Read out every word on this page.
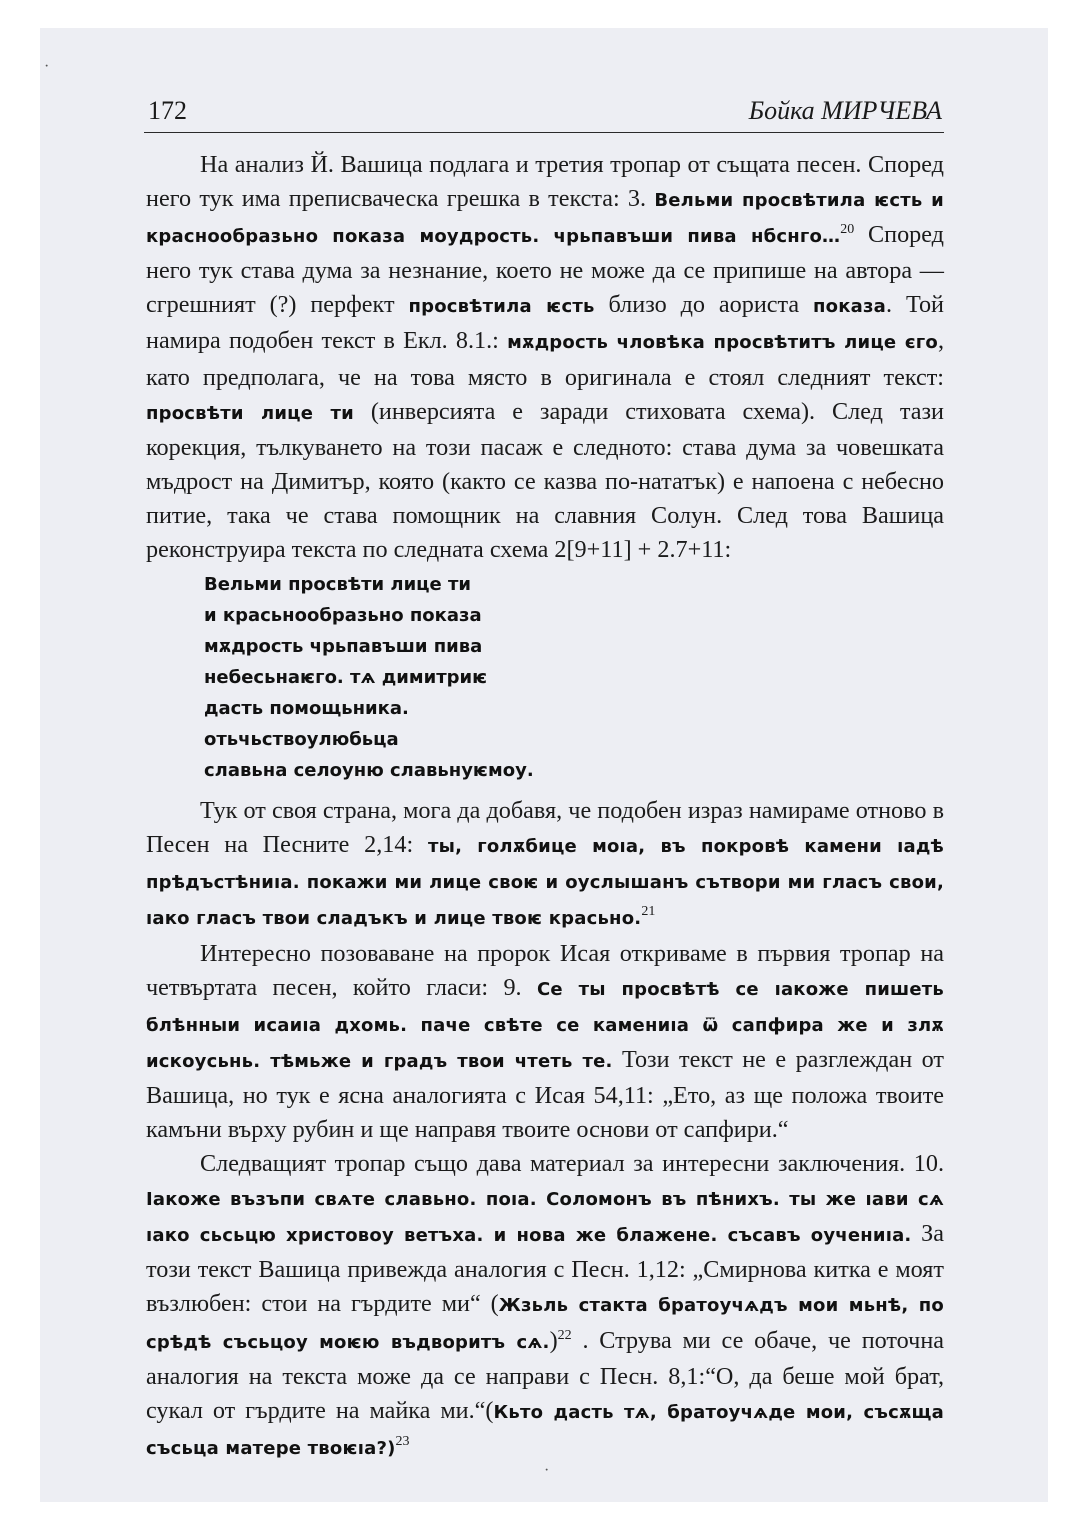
172	Бойка МИРЧЕВА

На анализ Й. Вашица подлага и третия тропар от същата песен. Според него тук има преписваческа грешка в текста: 3. Вельми просвѣтила ѥсть и краснообразьно показа моудрость. чрьпавъши пива нбснго…$^{20}$ Според него тук става дума за незнание, което не може да се припише на автора — сгрешният (?) перфект просвѣтила ѥсть близо до аориста показа. Той намира подобен текст в Екл. 8.1.: мѫдрость чловѣка просвѣтитъ лице єго, като предполага, че на това място в оригинала е стоял следният текст: просвѣти лице ти (инверсията е заради стиховата схема). След тази корекция, тълкуването на този пасаж е следното: става дума за човешката мъдрост на Димитър, която (както се казва по-нататък) е напоена с небесно питие, така че става помощник на славния Солун. След това Вашица реконструира текста по следната схема 2[9+11] + 2.7+11:

Вельми просвѣти лице ти
и красьнообразьно показа
мѫдрость чрьпавъши пива
небесьнаѥго. тѧ димитриѥ
дасть помощьника.
отьчьствоулюбьца
славьна селоуню славьнуѥмоу.

Тук от своя страна, мога да добавя, че подобен израз намираме отново в Песен на Песните 2,14: ты, голѫбице моıа, въ покровѣ камени ıадѣ прѣдъстѣниıа. покажи ми лице своѥ и оуслышанъ сътвори ми гласъ свои, ıако гласъ твои сладъкъ и лице твоѥ красьно.$^{21}$

Интересно позоваване на пророк Исая откриваме в първия тропар на четвъртата песен, който гласи: 9. Се ты просвѣтѣ се ıакоже пишеть блѣнныи исаиıа дхомь. паче свѣте се камениıа ѿ сапфира же и злѫ искоусьнь. тѣмьже и градъ твои чтеть те. Този текст не е разглеждан от Вашица, но тук е ясна аналогията с Исая 54,11: „Ето, аз ще положа твоите камъни върху рубин и ще направя твоите основи от сапфири.“

Следващият тропар също дава материал за интересни заключения. 10. Iакоже възъпи свѧте славьно. поıа. Соломонъ въ пѣнихъ. ты же ıави сѧ ıако сьсьцю христовоу ветъха. и нова же блажене. съсавъ оучениıа. За този текст Вашица привежда аналогия с Песн. 1,12: „Смирнова китка е моят възлюбен: стои на гърдите ми“ (Жзьль стакта братоучѧдъ мои мьнѣ, по срѣдѣ съсьцоу моѥю въдворитъ сѧ.)$^{22}$ . Струва ми се обаче, че поточна аналогия на текста може да се направи с Песн. 8,1:“О, да беше мой брат, сукал от гърдите на майка ми.“(Кьто дасть тѧ, братоучѧде мои, съсѫща съсьца матере твоѥıа?)$^{23}$

·
·
